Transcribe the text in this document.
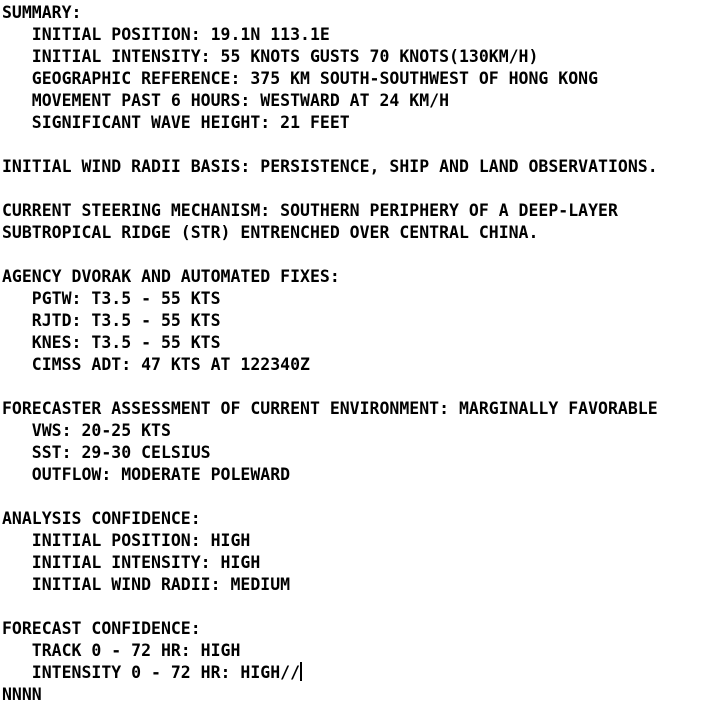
SUMMARY:
INITIAL POSITION: 19.1N 113.1E
INITIAL INTENSITY: 55 KNOTS GUSTS 70 KNOTS(130KM/H)
GEOGRAPHIC REFERENCE: 375 KM SOUTH-SOUTHWEST OF HONG KONG
MOVEMENT PAST 6 HOURS: WESTWARD AT 24 KM/H
SIGNIFICANT WAVE HEIGHT: 21 FEET
INITIAL WIND RADII BASIS: PERSISTENCE, SHIP AND LAND OBSERVATIONS.
CURRENT STEERING MECHANISM: SOUTHERN PERIPHERY OF A DEEP-LAYER
SUBTROPICAL RIDGE (STR) ENTRENCHED OVER CENTRAL CHINA.
AGENCY DVORAK AND AUTOMATED FIXES:
PGTW: T3.5 - 55 KTS
RJTD: T3.5 - 55 KTS
KNES: T3.5 - 55 KTS
CIMSS ADT: 47 KTS AT 122340Z
FORECASTER ASSESSMENT OF CURRENT ENVIRONMENT: MARGINALLY FAVORABLE
VWS: 20-25 KTS
SST: 29-30 CELSIUS
OUTFLOW: MODERATE POLEWARD
ANALYSIS CONFIDENCE:
INITIAL POSITION: HIGH
INITIAL INTENSITY: HIGH
INITIAL WIND RADII: MEDIUM
FORECAST CONFIDENCE:
TRACK 0 - 72 HR: HIGH
INTENSITY 0 - 72 HR: HIGH//
NNNN
